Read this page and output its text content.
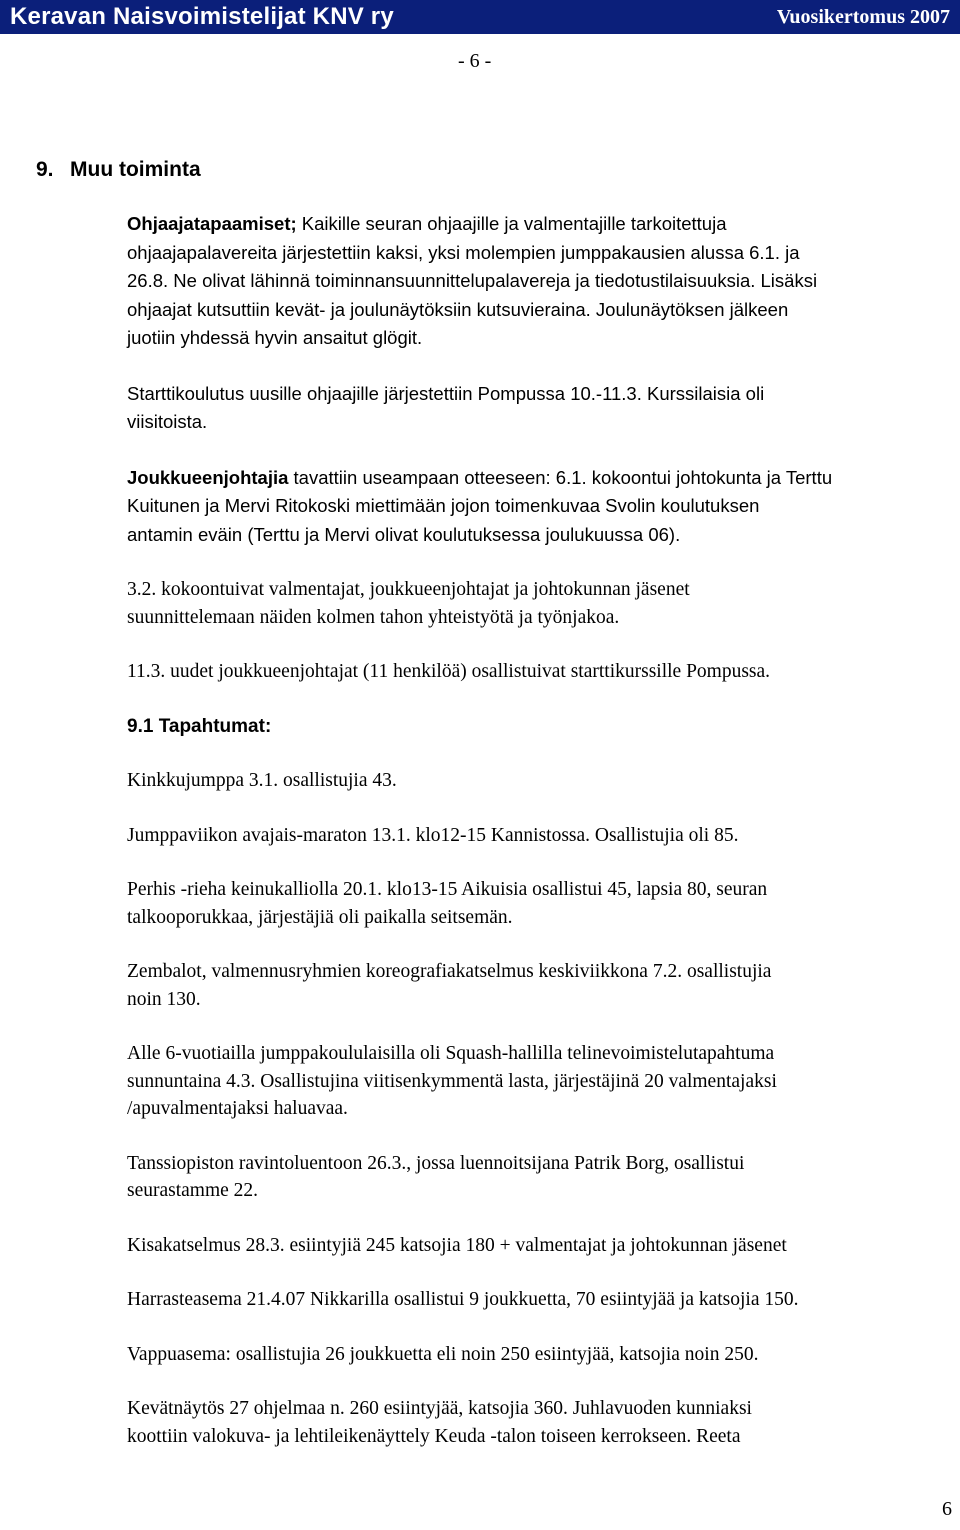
Keravan Naisvoimistelijat KNV ry	Vuosikertomus 2007
- 6 -
9. Muu toiminta

Ohjaajatapaamiset; Kaikille seuran ohjaajille ja valmentajille tarkoitettuja
ohjaajapalavereita järjestettiin kaksi, yksi molempien jumppakausien alussa 6.1. ja
26.8. Ne olivat lähinnä toiminnansuunnittelupalavereja ja tiedotustilaisuuksia. Lisäksi
ohjaajat kutsuttiin kevät- ja joulunäytöksiin kutsuvieraina. Joulunäytöksen jälkeen
juotiin yhdessä hyvin ansaitut glögit.

Starttikoulutus uusille ohjaajille järjestettiin Pompussa 10.-11.3. Kurssilaisia oli
viisitoista.

Joukkueenjohtajia tavattiin useampaan otteeseen: 6.1. kokoontui johtokunta ja Terttu
Kuitunen ja Mervi Ritokoski miettimään jojon toimenkuvaa Svolin koulutuksen
antamin eväin (Terttu ja Mervi olivat koulutuksessa joulukuussa 06).

3.2. kokoontuivat valmentajat, joukkueenjohtajat ja johtokunnan jäsenet
suunnittelemaan näiden kolmen tahon yhteistyötä ja työnjakoa.

11.3. uudet joukkueenjohtajat (11 henkilöä) osallistuivat starttikurssille Pompussa.

9.1 Tapahtumat:

Kinkkujumppa 3.1. osallistujia 43.

Jumppaviikon avajais-maraton 13.1. klo12-15 Kannistossa. Osallistujia oli 85.

Perhis -rieha keinukalliolla 20.1. klo13-15 Aikuisia osallistui 45, lapsia 80, seuran
talkooporukkaa, järjestäjiä oli paikalla seitsemän.

Zembalot, valmennusryhmien koreografiakatselmus keskiviikkona 7.2. osallistujia
noin 130.

Alle 6-vuotiailla jumppakoululaisilla oli Squash-hallilla telinevoimistelutapahtuma
sunnuntaina 4.3. Osallistujina viitisenkymmentä lasta, järjestäjinä 20 valmentajaksi
/apuvalmentajaksi haluavaa.

Tanssiopiston ravintoluentoon 26.3., jossa luennoitsijana Patrik Borg, osallistui
seurastamme 22.

Kisakatselmus 28.3. esiintyjiä 245 katsojia 180 + valmentajat ja johtokunnan jäsenet

Harrasteasema 21.4.07 Nikkarilla osallistui 9 joukkuetta, 70 esiintyjää ja katsojia 150.

Vappuasema: osallistujia 26 joukkuetta eli noin 250 esiintyjää, katsojia noin 250.

Kevätnäytös 27 ohjelmaa n. 260 esiintyjää, katsojia 360. Juhlavuoden kunniaksi
koottiin valokuva- ja lehtileikenäyttely Keuda -talon toiseen kerrokseen. Reeta

6
